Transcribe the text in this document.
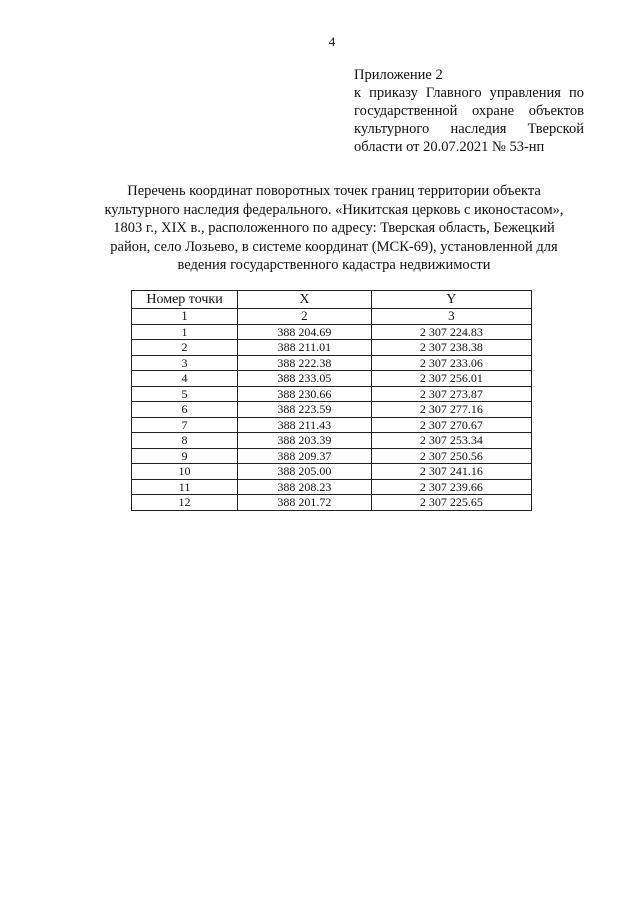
4
Приложение 2
к приказу Главного управления по
государственной охране объектов
культурного наследия Тверской
области от 20.07.2021 № 53-нп
Перечень координат поворотных точек границ территории объекта
культурного наследия федерального. «Никитская церковь с иконостасом»,
1803 г., XIX в., расположенного по адресу: Тверская область, Бежецкий
район, село Лозьево, в системе координат (МСК-69), установленной для
ведения государственного кадастра недвижимости
Номер точки	X	Y
1	2	3
1	388 204.69	2 307 224.83
2	388 211.01	2 307 238.38
3	388 222.38	2 307 233.06
4	388 233.05	2 307 256.01
5	388 230.66	2 307 273.87
6	388 223.59	2 307 277.16
7	388 211.43	2 307 270.67
8	388 203.39	2 307 253.34
9	388 209.37	2 307 250.56
10	388 205.00	2 307 241.16
11	388 208.23	2 307 239.66
12	388 201.72	2 307 225.65
